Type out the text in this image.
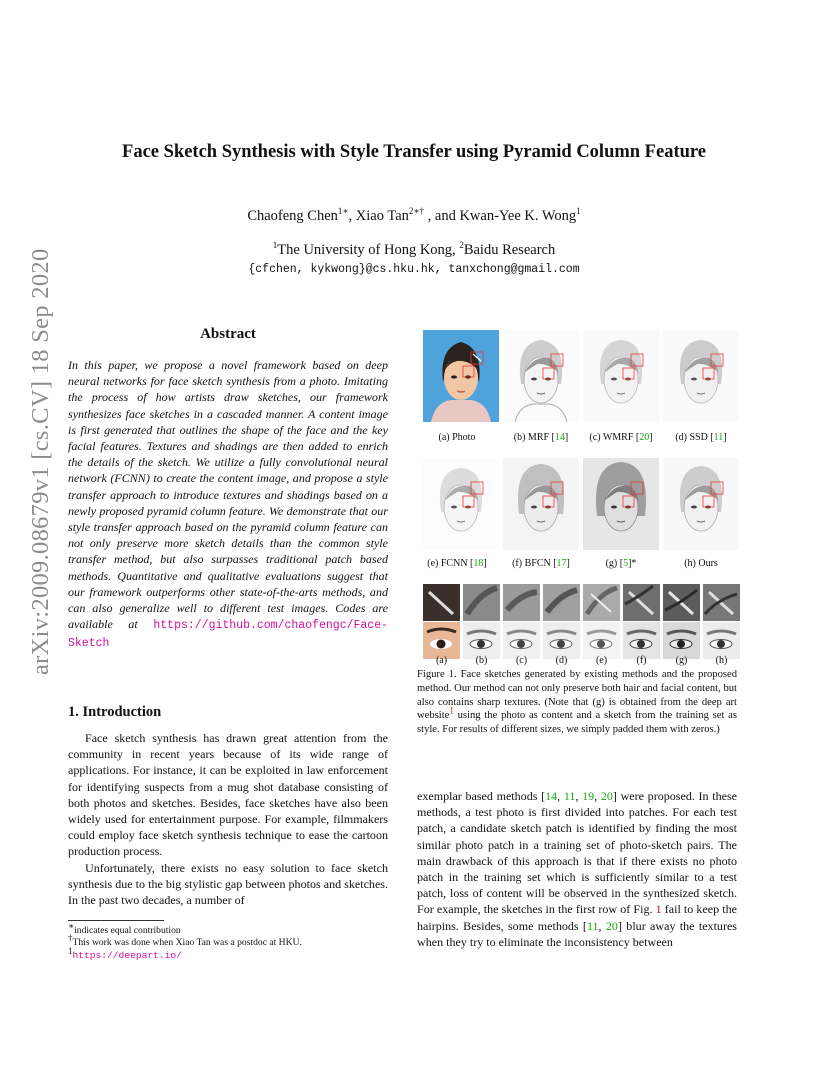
arXiv:2009.08679v1 [cs.CV] 18 Sep 2020
Face Sketch Synthesis with Style Transfer using Pyramid Column Feature
Chaofeng Chen$^{1∗}$, Xiao Tan$^{2∗\dagger}$ , and Kwan-Yee K. Wong$^1$
$^1$The University of Hong Kong, $^2$Baidu Research
{cfchen, kykwong}@cs.hku.hk, tanxchong@gmail.com
Abstract
In this paper, we propose a novel framework based on deep neural networks for face sketch synthesis from a photo. Imitating the process of how artists draw sketches, our framework synthesizes face sketches in a cascaded manner. A content image is first generated that outlines the shape of the face and the key facial features. Textures and shadings are then added to enrich the details of the sketch. We utilize a fully convolutional neural network (FCNN) to create the content image, and propose a style transfer approach to introduce textures and shadings based on a newly proposed pyramid column feature. We demonstrate that our style transfer approach based on the pyramid column feature can not only preserve more sketch details than the common style transfer method, but also surpasses traditional patch based methods. Quantitative and qualitative evaluations suggest that our framework outperforms other state-of-the-arts methods, and can also generalize well to different test images. Codes are available at https://github.com/chaofengc/Face-Sketch
1. Introduction

Face sketch synthesis has drawn great attention from the community in recent years because of its wide range of applications. For instance, it can be exploited in law enforcement for identifying suspects from a mug shot database consisting of both photos and sketches. Besides, face sketches have also been widely used for entertainment purpose. For example, filmmakers could employ face sketch synthesis technique to ease the cartoon production process.

Unfortunately, there exists no easy solution to face sketch synthesis due to the big stylistic gap between photos and sketches. In the past two decades, a number of

∗indicates equal contribution
†This work was done when Xiao Tan was a postdoc at HKU.
$^1$https://deepart.io/
(a) Photo	(b) MRF [14]	(c) WMRF [20]	(d) SSD [11]
(e) FCNN [18]	(f) BFCN [17]	(g) [5]*	(h) Ours
(a)	(b)	(c)	(d)	(e)	(f)	(g)	(h)
Figure 1. Face sketches generated by existing methods and the proposed method. Our method can not only preserve both hair and facial content, but also contains sharp textures. (Note that (g) is obtained from the deep art website$^1$ using the photo as content and a sketch from the training set as style. For results of different sizes, we simply padded them with zeros.)
exemplar based methods [14, 11, 19, 20] were proposed. In these methods, a test photo is first divided into patches. For each test patch, a candidate sketch patch is identified by finding the most similar photo patch in a training set of photo-sketch pairs. The main drawback of this approach is that if there exists no photo patch in the training set which is sufficiently similar to a test patch, loss of content will be observed in the synthesized sketch. For example, the sketches in the first row of Fig. 1 fail to keep the hairpins. Besides, some methods [11, 20] blur away the textures when they try to eliminate the inconsistency between
